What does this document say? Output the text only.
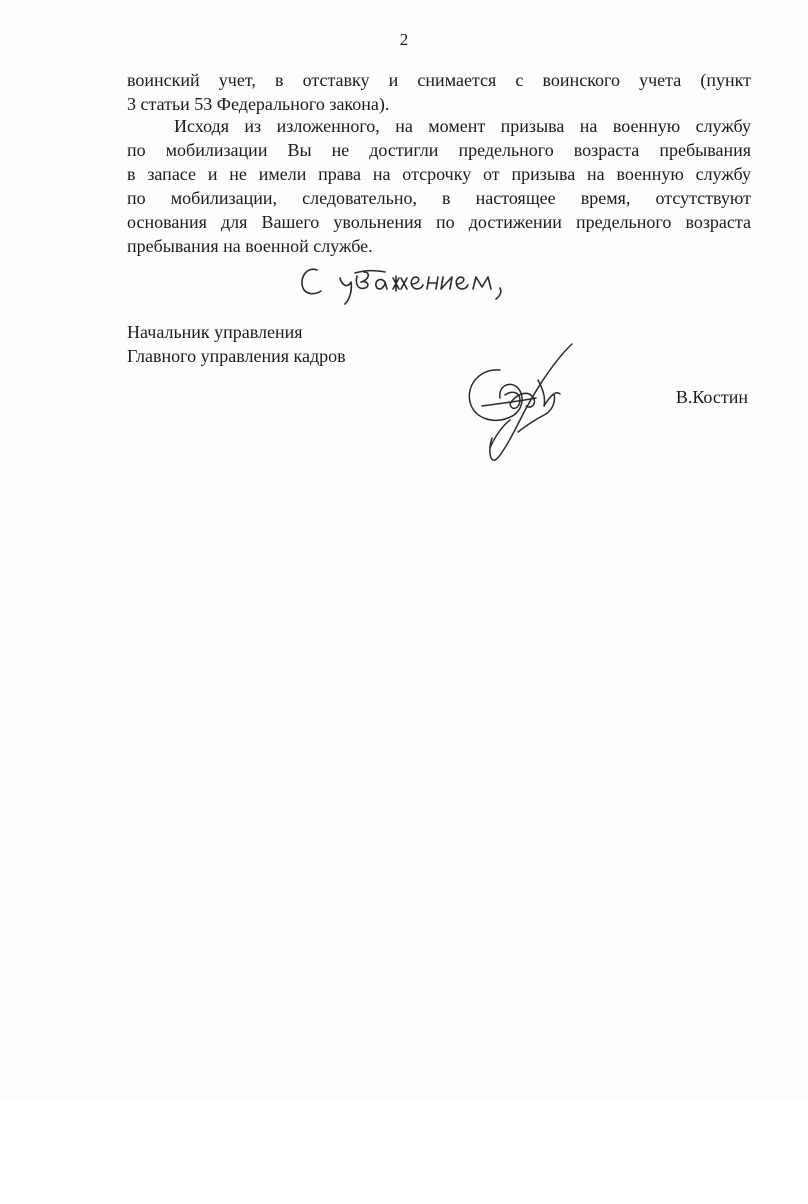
2
воинский учет, в отставку и снимается с воинского учета (пункт
3 статьи 53 Федерального закона).
Исходя из изложенного, на момент призыва на военную службу
по мобилизации Вы не достигли предельного возраста пребывания
в запасе и не имели права на отсрочку от призыва на военную службу
по мобилизации, следовательно, в настоящее время, отсутствуют
основания для Вашего увольнения по достижении предельного возраста
пребывания на военной службе.
Начальник управления
Главного управления кадров
В.Костин
